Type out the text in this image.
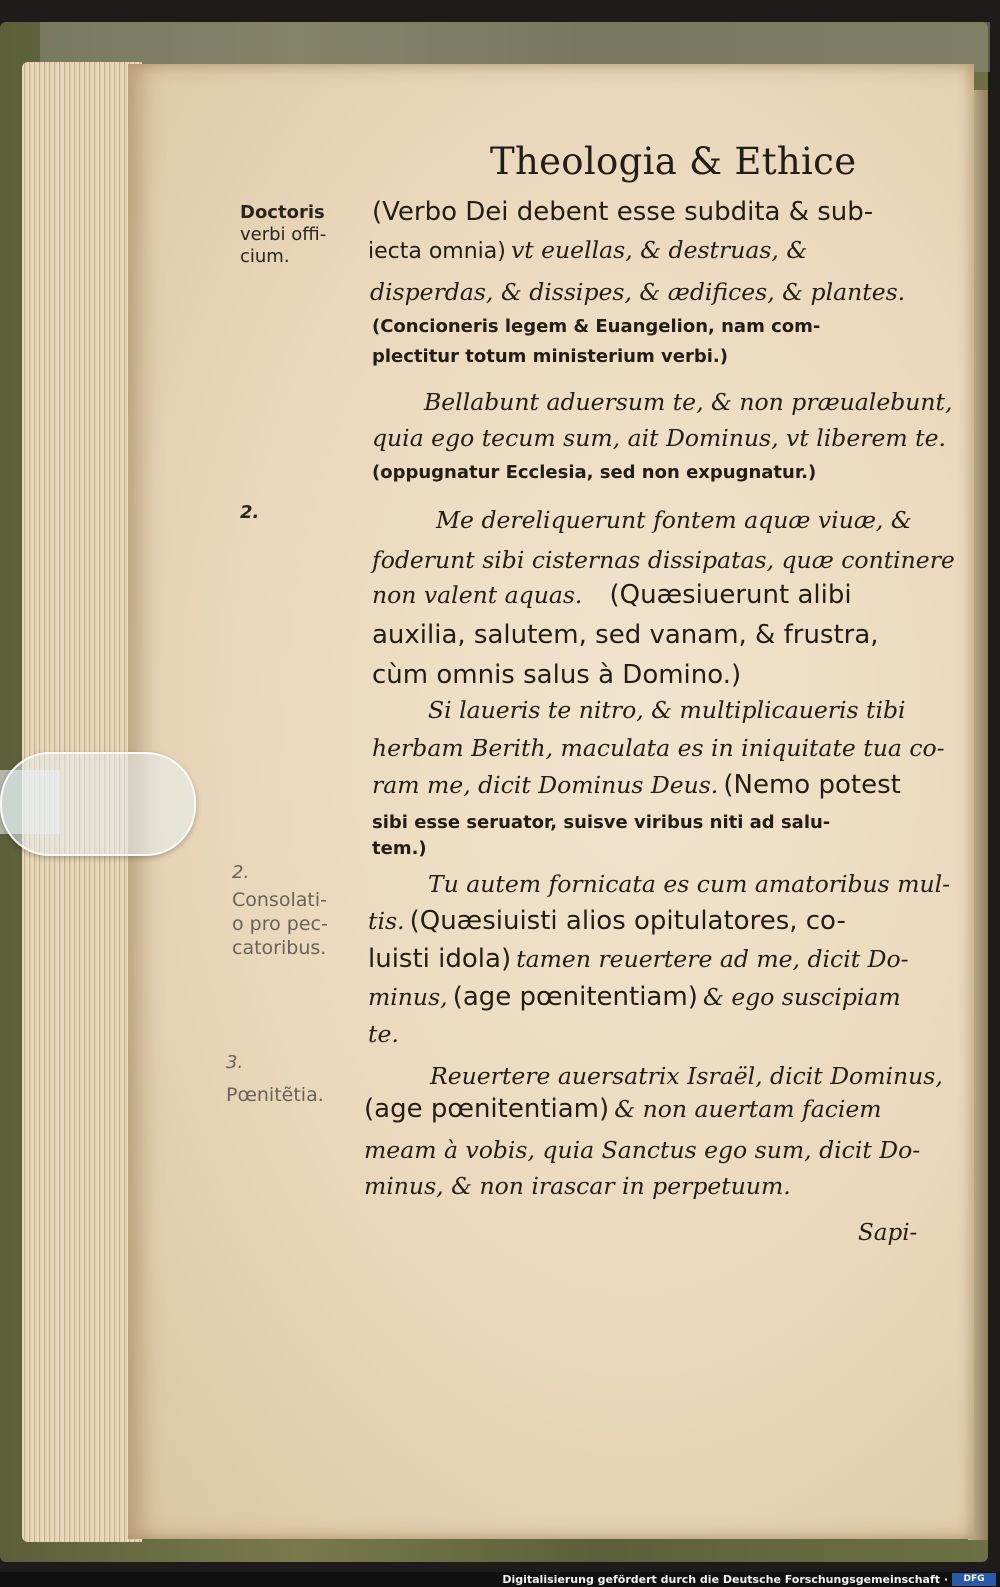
Theologia & Ethice
Doctoris
verbi offi-
cium.
2.
2.
Consolati-
o pro pec-
catoribus.
3.
Pœnitẽtia.
(Verbo Dei debent esse subdita & sub-
iecta omnia) vt euellas, & destruas, &
disperdas, & dissipes, & ædifices, & plantes.
(Concioneris legem & Euangelion, nam com-
plectitur totum ministerium verbi.)
Bellabunt aduersum te, & non præualebunt,
quia ego tecum sum, ait Dominus, vt liberem te.
(oppugnatur Ecclesia, sed non expugnatur.)
Me dereliquerunt fontem aquæ viuæ, &
foderunt sibi cisternas dissipatas, quæ continere
non valent aquas. (Quæsiuerunt alibi
auxilia, salutem, sed vanam, & frustra,
cùm omnis salus à Domino.)
Si laueris te nitro, & multiplicaueris tibi
herbam Berith, maculata es in iniquitate tua co-
ram me, dicit Dominus Deus. (Nemo potest
sibi esse seruator, suisve viribus niti ad salu-
tem.)
Tu autem fornicata es cum amatoribus mul-
tis. (Quæsiuisti alios opitulatores, co-
luisti idola) tamen reuertere ad me, dicit Do-
minus, (age pœnitentiam) & ego suscipiam
te.
Reuertere auersatrix Israël, dicit Dominus,
(age pœnitentiam) & non auertam faciem
meam à vobis, quia Sanctus ego sum, dicit Do-
minus, & non irascar in perpetuum.
Sapi-
Digitalisierung gefördert durch die Deutsche Forschungsgemeinschaft ·	DFG
